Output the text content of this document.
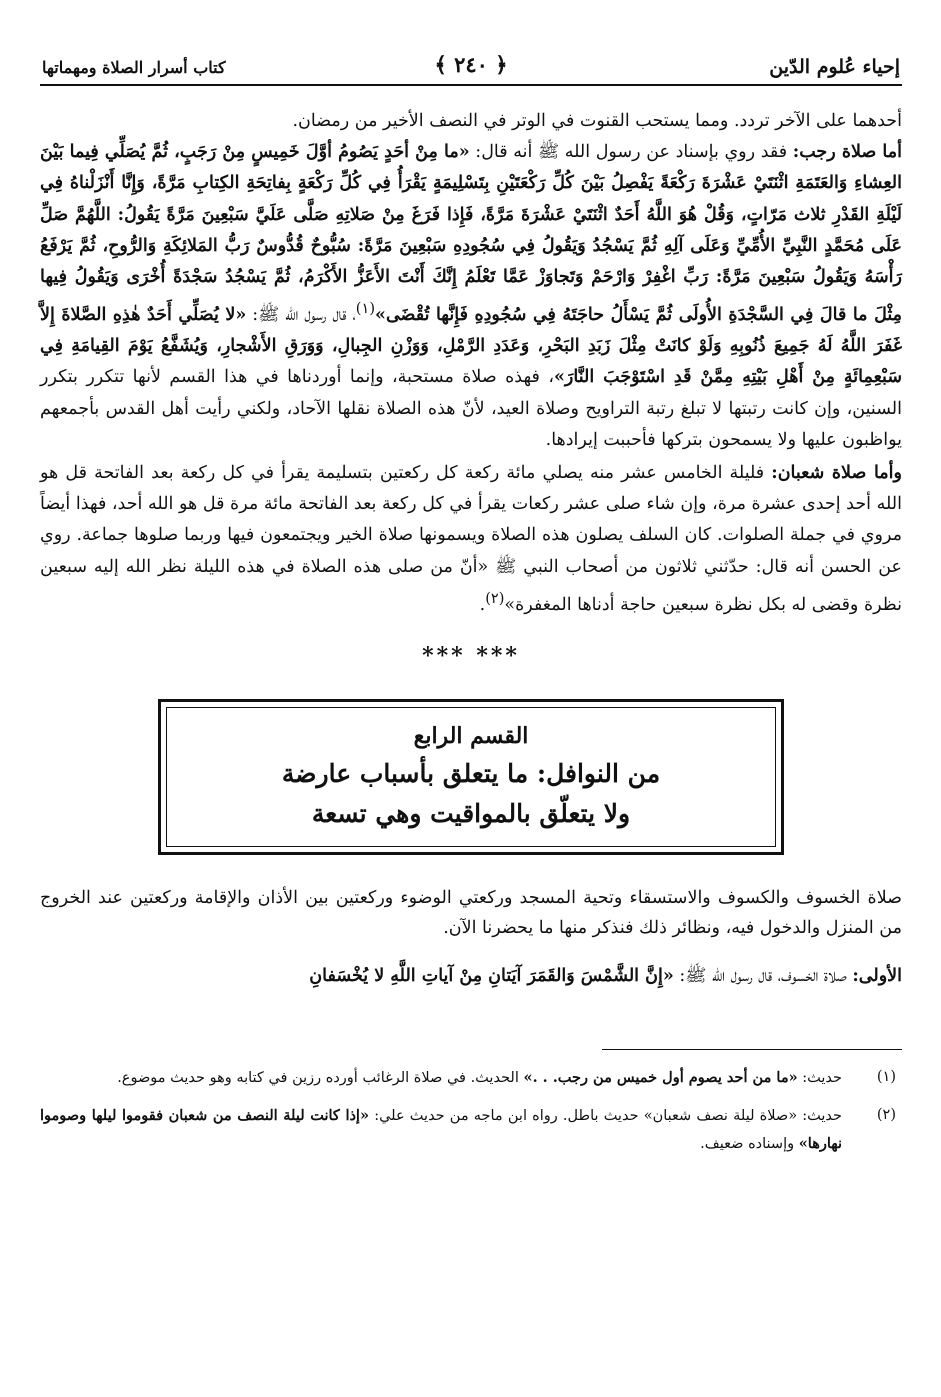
إحياء عُلوم الدّين
﴿ ٢٤٠ ﴾
كتاب أسرار الصلاة ومهماتها

أحدهما على الآخر تردد. ومما يستحب القنوت في الوتر في النصف الأخير من رمضان.

أما صلاة رجب: فقد روي بإسناد عن رسول الله ﷺ أنه قال: «ما مِنْ أحَدٍ يَصُومُ أوَّلَ خَمِيسٍ مِنْ رَجَبٍ، ثُمَّ يُصَلِّي فِيما بَيْنَ العِشاءِ وَالعَتَمَةِ اثْنَتَيْ عَشْرَةَ رَكْعَةً يَفْصِلُ بَيْنَ كُلِّ رَكْعَتَيْنِ بِتَسْلِيمَةٍ يَقْرَأُ فِي كُلِّ رَكْعَةٍ بِفاتِحَةِ الكِتابِ مَرَّةً، وَإِنَّا أَنْزَلْناهُ فِي لَيْلَةِ القَدْرِ ثلاث مَرّاتٍ، وَقُلْ هُوَ اللَّهُ أَحَدٌ اثْنَتَيْ عَشْرَةَ مَرَّةً، فَإِذا فَرَغَ مِنْ صَلاتِهِ صَلَّى عَلَيَّ سَبْعِينَ مَرَّةً يَقُولُ: اللَّهُمَّ صَلِّ عَلَى مُحَمَّدٍ النَّبِيِّ الأُمِّيِّ وَعَلَى آلِهِ ثُمَّ يَسْجُدُ وَيَقُولُ فِي سُجُودِهِ سَبْعِينَ مَرَّةً: سُبُّوحٌ قُدُّوسٌ رَبُّ المَلائِكَةِ وَالرُّوحِ، ثُمَّ يَرْفَعُ رَأْسَهُ وَيَقُولُ سَبْعِينَ مَرَّةً: رَبِّ اغْفِرْ وَارْحَمْ وَتَجاوَزْ عَمَّا تَعْلَمُ إِنَّكَ أَنْتَ الأَعَزُّ الأَكْرَمُ، ثُمَّ يَسْجُدُ سَجْدَةً أُخْرَى وَيَقُولُ فِيها مِثْلَ ما قالَ فِي السَّجْدَةِ الأُولَى ثُمَّ يَسْأَلُ حاجَتَهُ فِي سُجُودِهِ فَإِنَّها تُقْضَى»$^{(١)}$، قال رسول الله ﷺ: «لا يُصَلِّي أَحَدٌ هٰذِهِ الصَّلاةَ إِلاَّ غَفَرَ اللَّهُ لَهُ جَمِيعَ ذُنُوبِهِ وَلَوْ كانَتْ مِثْلَ زَبَدِ البَحْرِ، وَعَدَدِ الرَّمْلِ، وَوَزْنِ الجِبالِ، وَوَرَقِ الأَشْجارِ، وَيُشَفَّعُ يَوْمَ القِيامَةِ فِي سَبْعِمِائَةٍ مِنْ أَهْلِ بَيْتِهِ مِمَّنْ قَدِ اسْتَوْجَبَ النَّارَ»، فهذه صلاة مستحبة، وإنما أوردناها في هذا القسم لأنها تتكرر بتكرر السنين، وإن كانت رتبتها لا تبلغ رتبة التراويح وصلاة العيد، لأنّ هذه الصلاة نقلها الآحاد، ولكني رأيت أهل القدس بأجمعهم يواظبون عليها ولا يسمحون بتركها فأحببت إيرادها.

وأما صلاة شعبان: فليلة الخامس عشر منه يصلي مائة ركعة كل ركعتين بتسليمة يقرأ في كل ركعة بعد الفاتحة قل هو الله أحد إحدى عشرة مرة، وإن شاء صلى عشر ركعات يقرأ في كل ركعة بعد الفاتحة مائة مرة قل هو الله أحد، فهذا أيضاً مروي في جملة الصلوات. كان السلف يصلون هذه الصلاة ويسمونها صلاة الخير ويجتمعون فيها وربما صلوها جماعة. روي عن الحسن أنه قال: حدّثني ثلاثون من أصحاب النبي ﷺ «أنّ من صلى هذه الصلاة في هذه الليلة نظر الله إليه سبعين نظرة وقضى له بكل نظرة سبعين حاجة أدناها المغفرة»$^{(٢)}$.

*** ***
القسم الرابع
من النوافل: ما يتعلق بأسباب عارضة
ولا يتعلّق بالمواقيت وهي تسعة

صلاة الخسوف والكسوف والاستسقاء وتحية المسجد وركعتي الوضوء وركعتين بين الأذان والإقامة وركعتين عند الخروج من المنزل والدخول فيه، ونظائر ذلك فنذكر منها ما يحضرنا الآن.

الأولى: صلاة الخسوف، قال رسول الله ﷺ: «إِنَّ الشَّمْسَ وَالقَمَرَ آيَتانِ مِنْ آياتِ اللَّهِ لا يُخْسَفانِ

(١)
حديث: «ما من أحد يصوم أول خميس من رجب. . .» الحديث. في صلاة الرغائب أورده رزين في كتابه وهو حديث موضوع.
(٢)
حديث: «صلاة ليلة نصف شعبان» حديث باطل. رواه ابن ماجه من حديث علي: «إذا كانت ليلة النصف من شعبان فقوموا ليلها وصوموا نهارها» وإسناده ضعيف.
